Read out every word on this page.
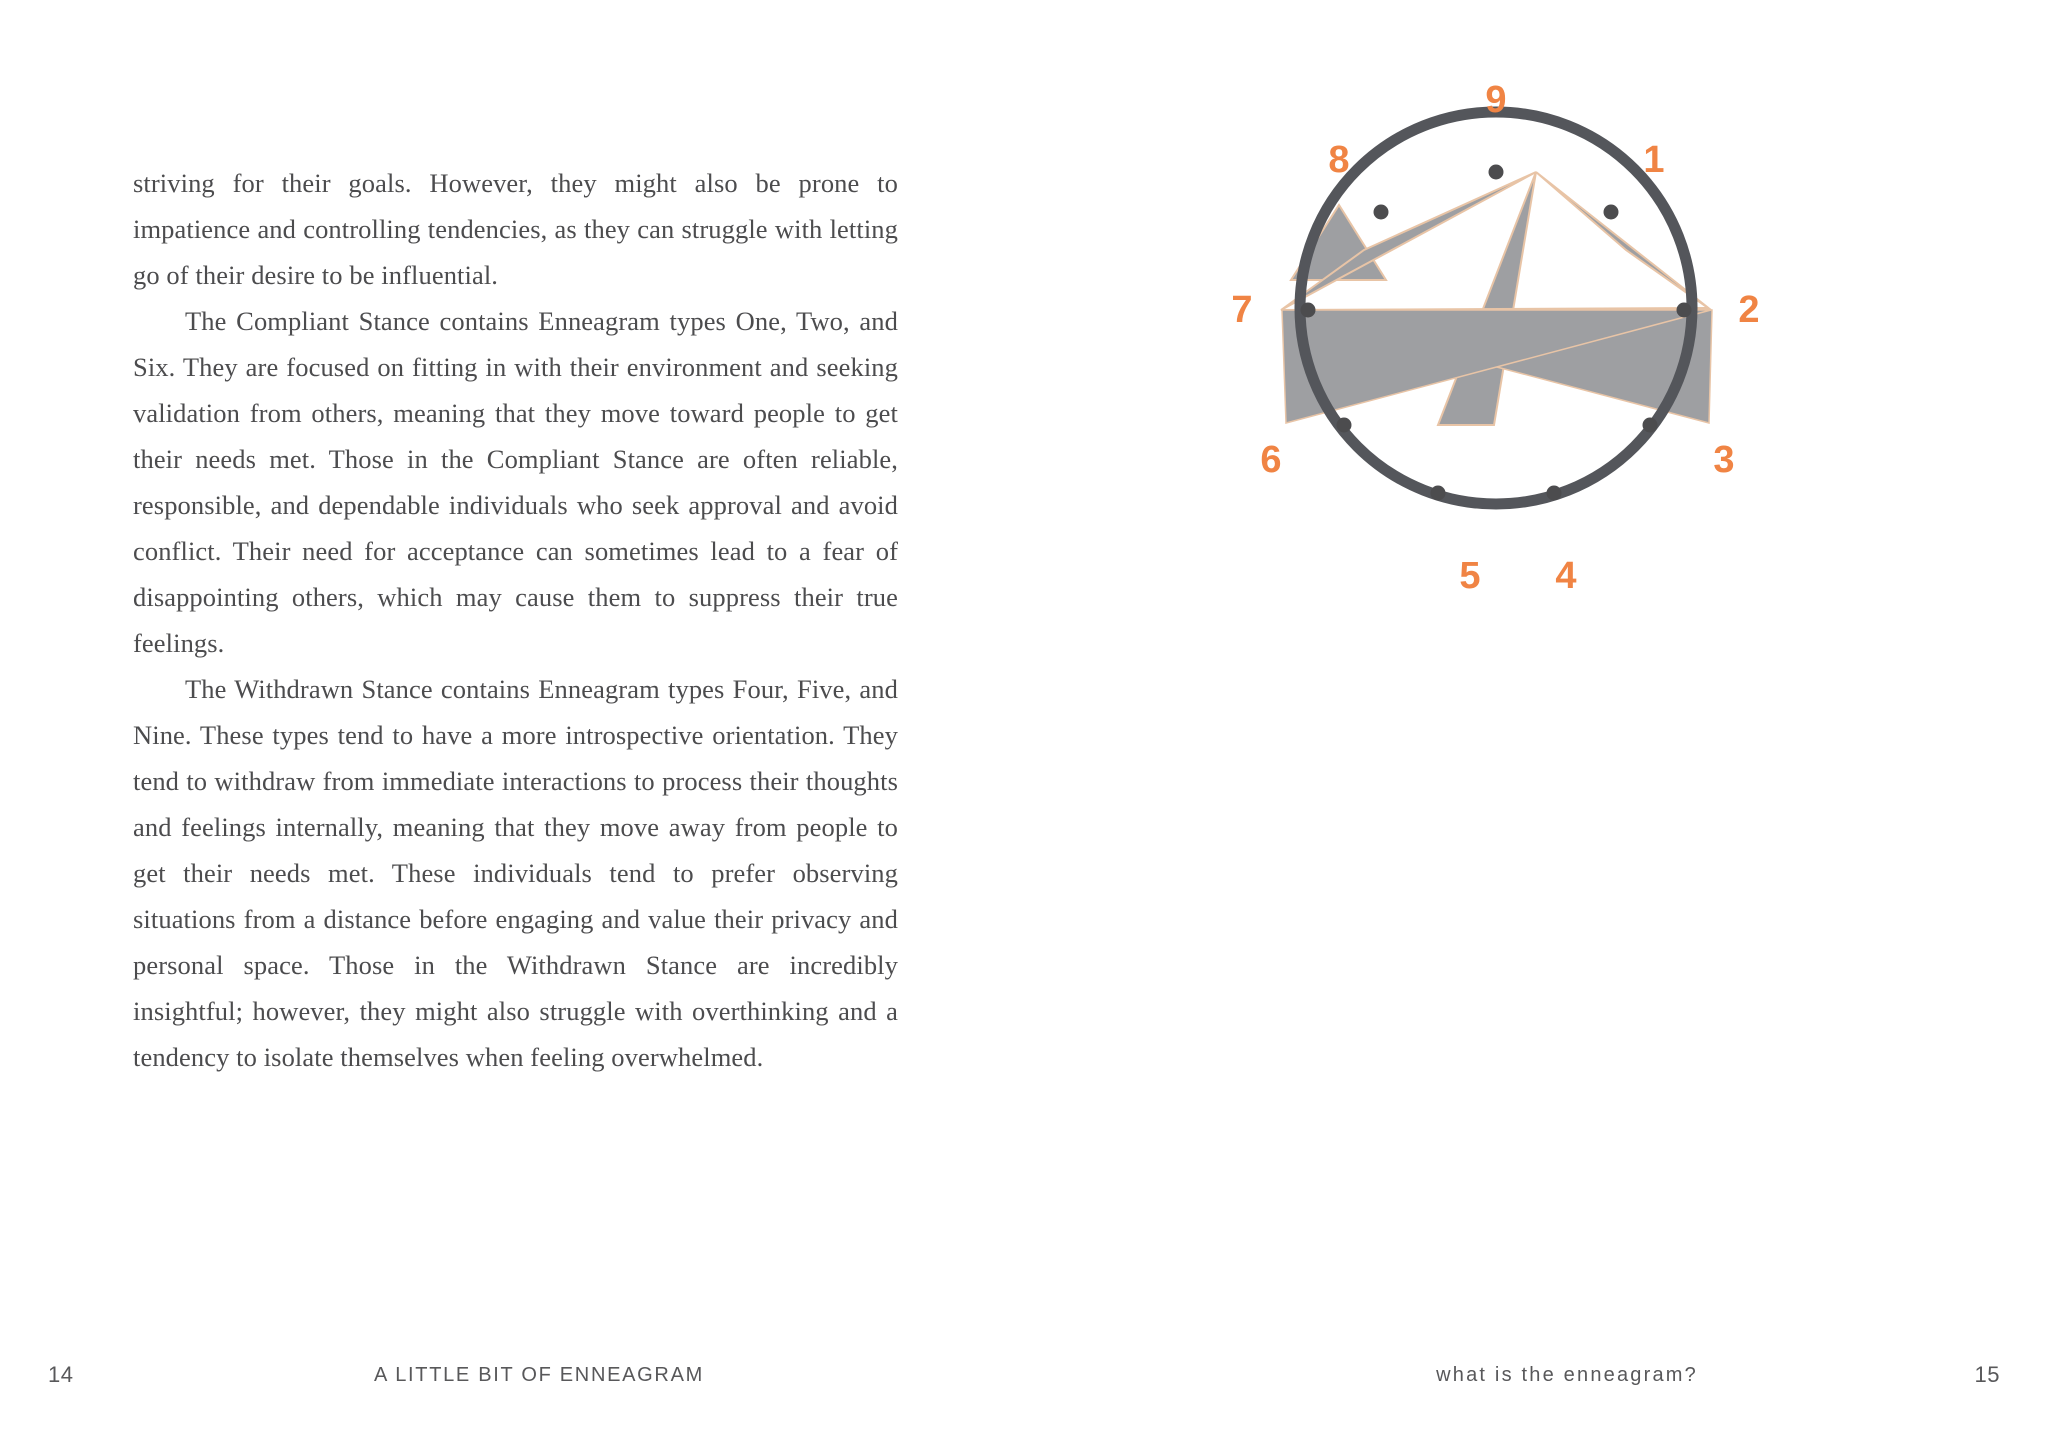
striving for their goals. However, they might also be prone to impatience and controlling tendencies, as they can struggle with letting go of their desire to be influential.

The Compliant Stance contains Enneagram types One, Two, and Six. They are focused on fitting in with their environment and seeking validation from others, meaning that they move toward people to get their needs met. Those in the Compliant Stance are often reliable, responsible, and dependable individuals who seek approval and avoid conflict. Their need for acceptance can sometimes lead to a fear of disappointing others, which may cause them to suppress their true feelings.

The Withdrawn Stance contains Enneagram types Four, Five, and Nine. These types tend to have a more introspective orientation. They tend to withdraw from immediate interactions to process their thoughts and feelings internally, meaning that they move away from people to get their needs met. These individuals tend to prefer observing situations from a distance before engaging and value their privacy and personal space. Those in the Withdrawn Stance are incredibly insightful; however, they might also struggle with overthinking and a tendency to isolate themselves when feeling overwhelmed.

14	A LITTLE BIT OF ENNEAGRAM
9
1
2
3
4
5
6
7
8
what is the enneagram?	15
